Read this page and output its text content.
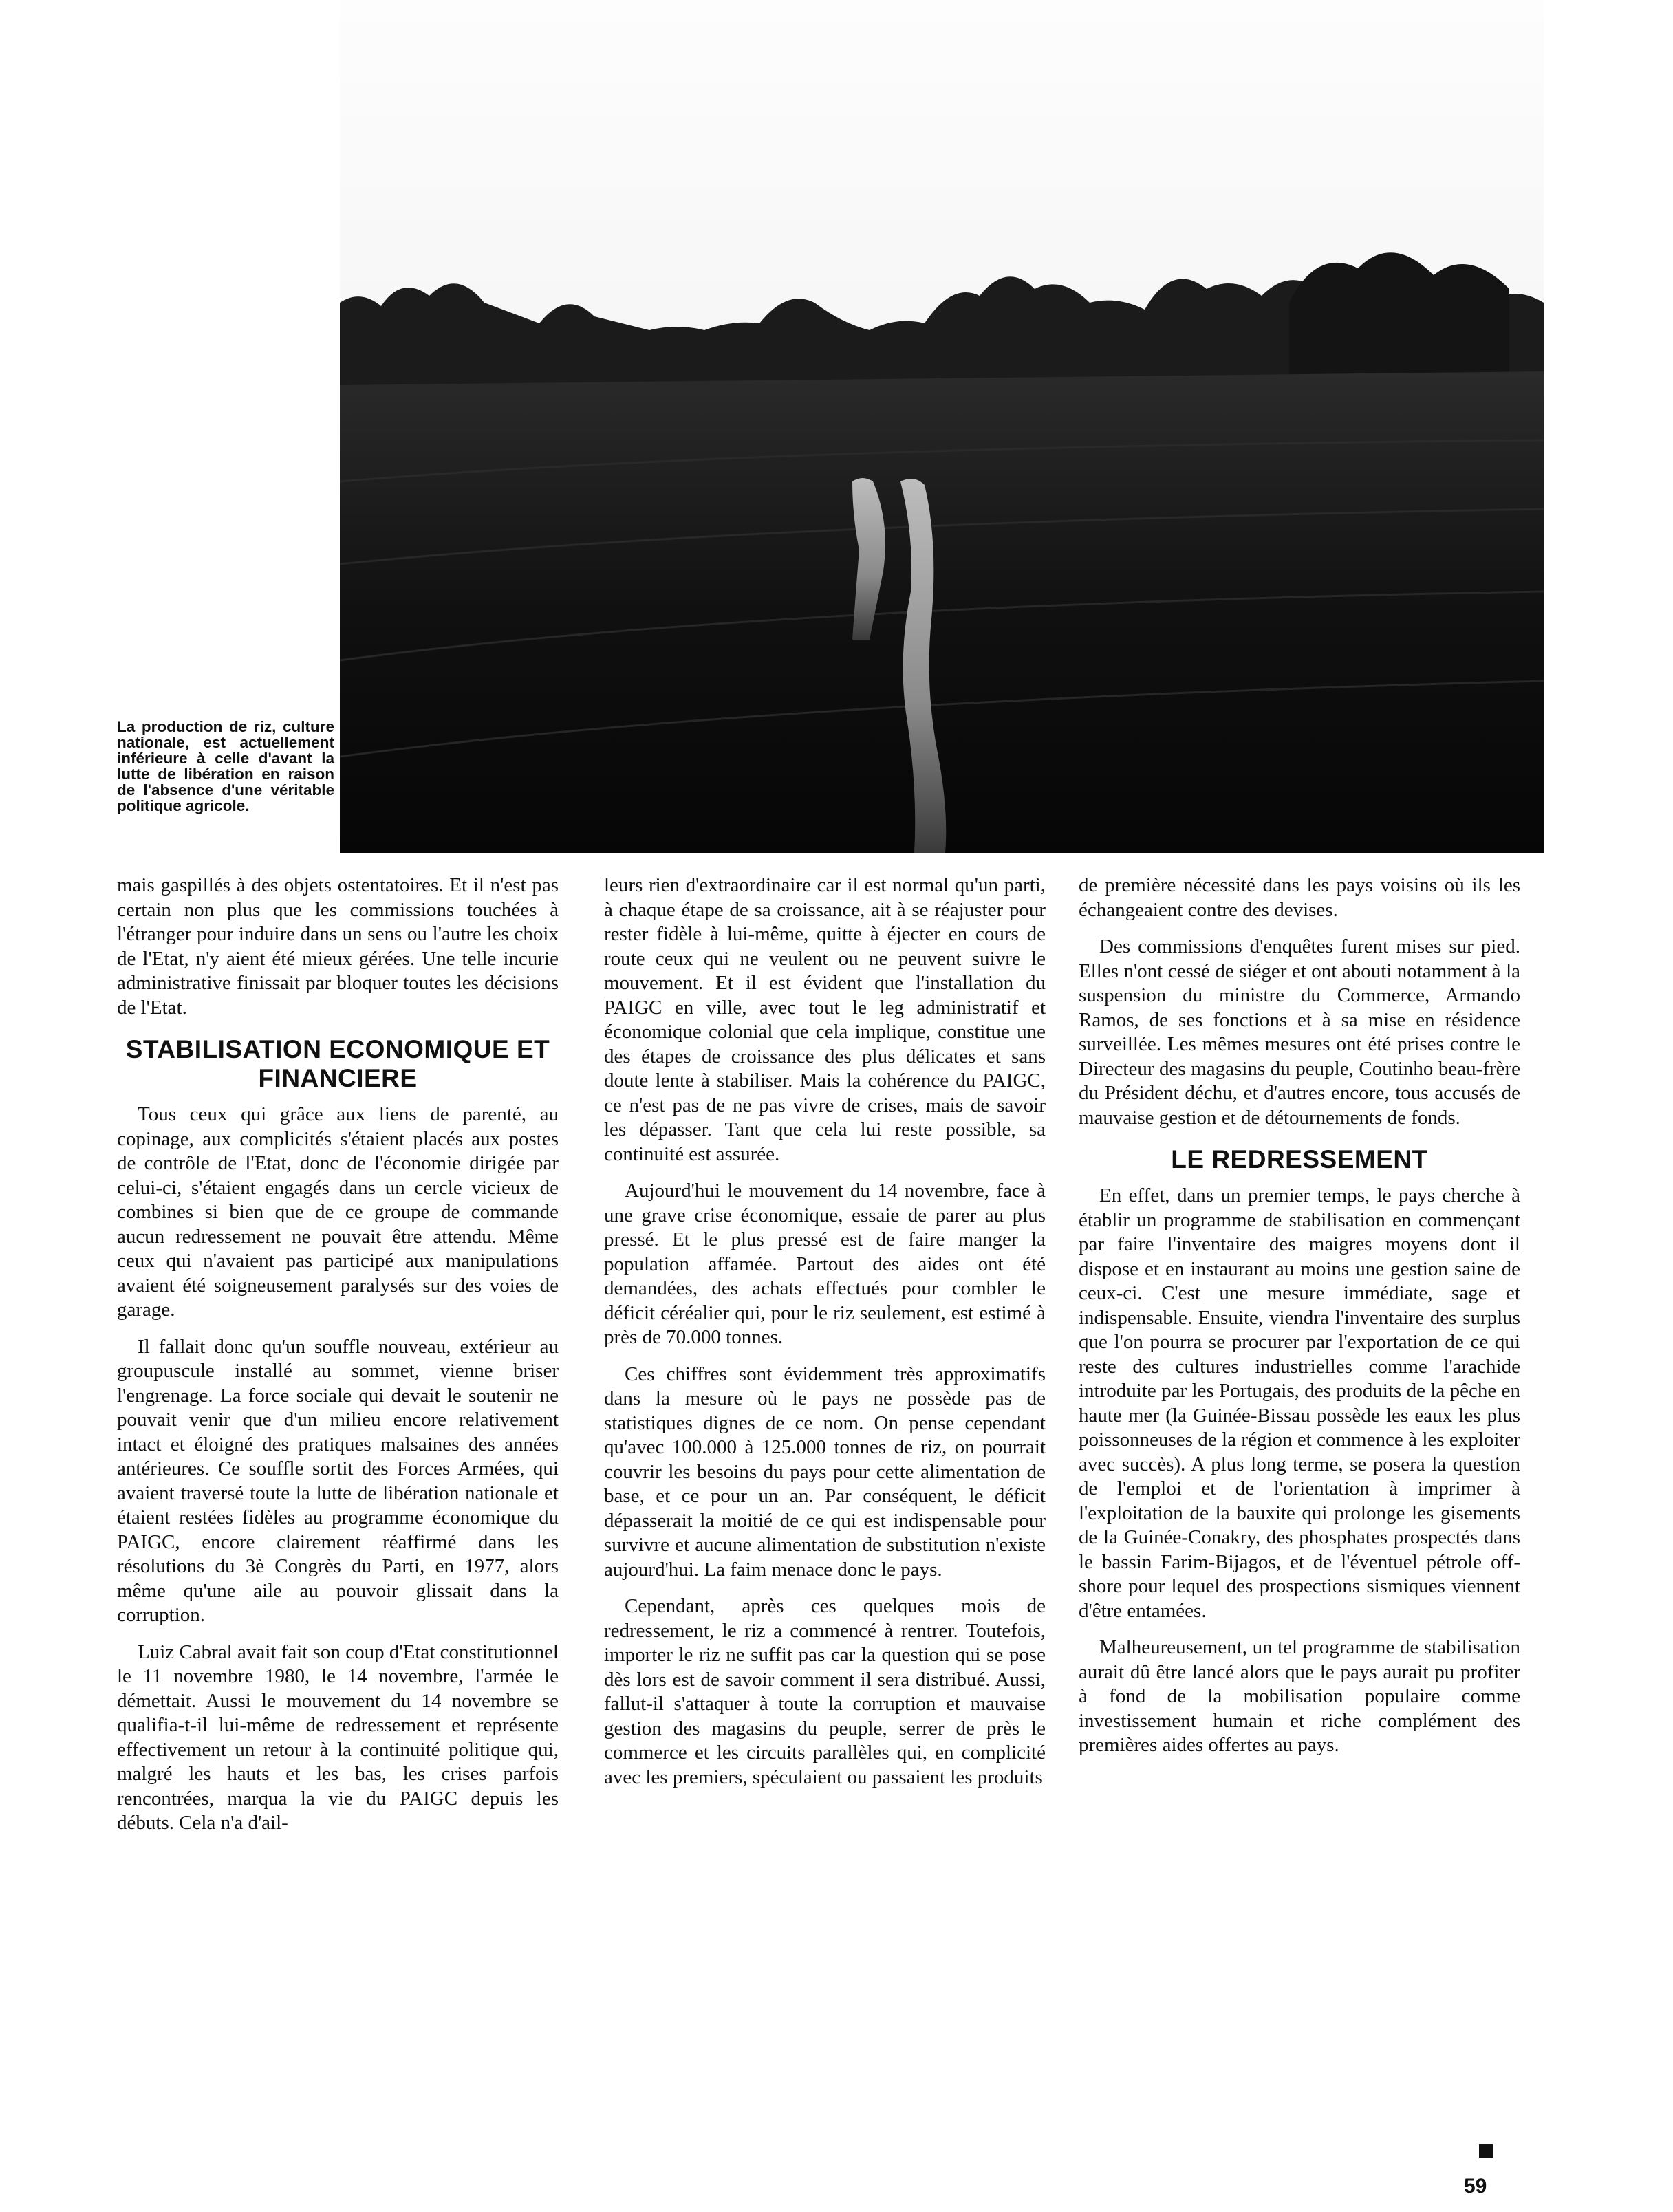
La production de riz, culture nationale, est actuellement inférieure à celle d'avant la lutte de libération en raison de l'absence d'une véritable politique agricole.

mais gaspillés à des objets ostentatoires. Et il n'est pas certain non plus que les commissions touchées à l'étranger pour induire dans un sens ou l'autre les choix de l'Etat, n'y aient été mieux gérées. Une telle incurie administrative finissait par bloquer toutes les décisions de l'Etat.

STABILISATION ECONOMIQUE ET FINANCIERE

Tous ceux qui grâce aux liens de parenté, au copinage, aux complicités s'étaient placés aux postes de contrôle de l'Etat, donc de l'économie dirigée par celui-ci, s'étaient engagés dans un cercle vicieux de combines si bien que de ce groupe de commande aucun redressement ne pouvait être attendu. Même ceux qui n'avaient pas participé aux manipulations avaient été soigneusement paralysés sur des voies de garage.

Il fallait donc qu'un souffle nouveau, extérieur au groupuscule installé au sommet, vienne briser l'engrenage. La force sociale qui devait le soutenir ne pouvait venir que d'un milieu encore relativement intact et éloigné des pratiques malsaines des années antérieures. Ce souffle sortit des Forces Armées, qui avaient traversé toute la lutte de libération nationale et étaient restées fidèles au programme économique du PAIGC, encore clairement réaffirmé dans les résolutions du 3è Congrès du Parti, en 1977, alors même qu'une aile au pouvoir glissait dans la corruption.

Luiz Cabral avait fait son coup d'Etat constitutionnel le 11 novembre 1980, le 14 novembre, l'armée le démettait. Aussi le mouvement du 14 novembre se qualifia-t-il lui-même de redressement et représente effectivement un retour à la continuité politique qui, malgré les hauts et les bas, les crises parfois rencontrées, marqua la vie du PAIGC depuis les débuts. Cela n'a d'ail-

leurs rien d'extraordinaire car il est normal qu'un parti, à chaque étape de sa croissance, ait à se réajuster pour rester fidèle à lui-même, quitte à éjecter en cours de route ceux qui ne veulent ou ne peuvent suivre le mouvement. Et il est évident que l'installation du PAIGC en ville, avec tout le leg administratif et économique colonial que cela implique, constitue une des étapes de croissance des plus délicates et sans doute lente à stabiliser. Mais la cohérence du PAIGC, ce n'est pas de ne pas vivre de crises, mais de savoir les dépasser. Tant que cela lui reste possible, sa continuité est assurée.

Aujourd'hui le mouvement du 14 novembre, face à une grave crise économique, essaie de parer au plus pressé. Et le plus pressé est de faire manger la population affamée. Partout des aides ont été demandées, des achats effectués pour combler le déficit céréalier qui, pour le riz seulement, est estimé à près de 70.000 tonnes.

Ces chiffres sont évidemment très approximatifs dans la mesure où le pays ne possède pas de statistiques dignes de ce nom. On pense cependant qu'avec 100.000 à 125.000 tonnes de riz, on pourrait couvrir les besoins du pays pour cette alimentation de base, et ce pour un an. Par conséquent, le déficit dépasserait la moitié de ce qui est indispensable pour survivre et aucune alimentation de substitution n'existe aujourd'hui. La faim menace donc le pays.

Cependant, après ces quelques mois de redressement, le riz a commencé à rentrer. Toutefois, importer le riz ne suffit pas car la question qui se pose dès lors est de savoir comment il sera distribué. Aussi, fallut-il s'attaquer à toute la corruption et mauvaise gestion des magasins du peuple, serrer de près le commerce et les circuits parallèles qui, en complicité avec les premiers, spéculaient ou passaient les produits

de première nécessité dans les pays voisins où ils les échangeaient contre des devises.

Des commissions d'enquêtes furent mises sur pied. Elles n'ont cessé de siéger et ont abouti notamment à la suspension du ministre du Commerce, Armando Ramos, de ses fonctions et à sa mise en résidence surveillée. Les mêmes mesures ont été prises contre le Directeur des magasins du peuple, Coutinho beau-frère du Président déchu, et d'autres encore, tous accusés de mauvaise gestion et de détournements de fonds.

LE REDRESSEMENT

En effet, dans un premier temps, le pays cherche à établir un programme de stabilisation en commençant par faire l'inventaire des maigres moyens dont il dispose et en instaurant au moins une gestion saine de ceux-ci. C'est une mesure immédiate, sage et indispensable. Ensuite, viendra l'inventaire des surplus que l'on pourra se procurer par l'exportation de ce qui reste des cultures industrielles comme l'arachide introduite par les Portugais, des produits de la pêche en haute mer (la Guinée-Bissau possède les eaux les plus poissonneuses de la région et commence à les exploiter avec succès). A plus long terme, se posera la question de l'emploi et de l'orientation à imprimer à l'exploitation de la bauxite qui prolonge les gisements de la Guinée-Conakry, des phosphates prospectés dans le bassin Farim-Bijagos, et de l'éventuel pétrole off-shore pour lequel des prospections sismiques viennent d'être entamées.

Malheureusement, un tel programme de stabilisation aurait dû être lancé alors que le pays aurait pu profiter à fond de la mobilisation populaire comme investissement humain et riche complément des premières aides offertes au pays.

59
